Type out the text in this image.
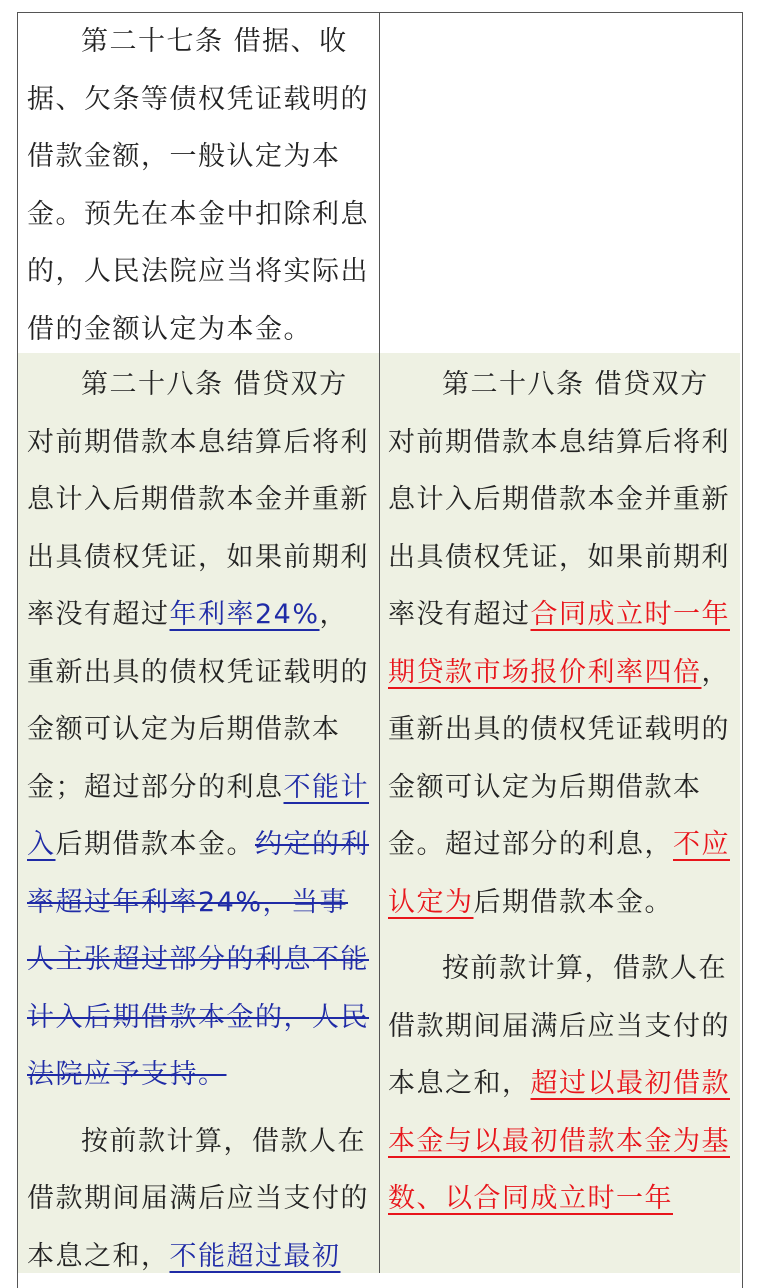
第二十七条 借据、收据、欠条等债权凭证载明的借款金额，一般认定为本金。预先在本金中扣除利息的，人民法院应当将实际出借的金额认定为本金。

第二十八条 借贷双方对前期借款本息结算后将利息计入后期借款本金并重新出具债权凭证，如果前期利率没有超过年利率24%，重新出具的债权凭证载明的金额可认定为后期借款本金；超过部分的利息不能计入后期借款本金。约定的利率超过年利率24%，当事人主张超过部分的利息不能计入后期借款本金的，人民法院应予支持。

按前款计算，借款人在借款期间届满后应当支付的本息之和，不能超过最初

第二十八条 借贷双方对前期借款本息结算后将利息计入后期借款本金并重新出具债权凭证，如果前期利率没有超过合同成立时一年期贷款市场报价利率四倍，重新出具的债权凭证载明的金额可认定为后期借款本金。超过部分的利息，不应认定为后期借款本金。

按前款计算，借款人在借款期间届满后应当支付的本息之和，超过以最初借款本金与以最初借款本金为基数、以合同成立时一年
